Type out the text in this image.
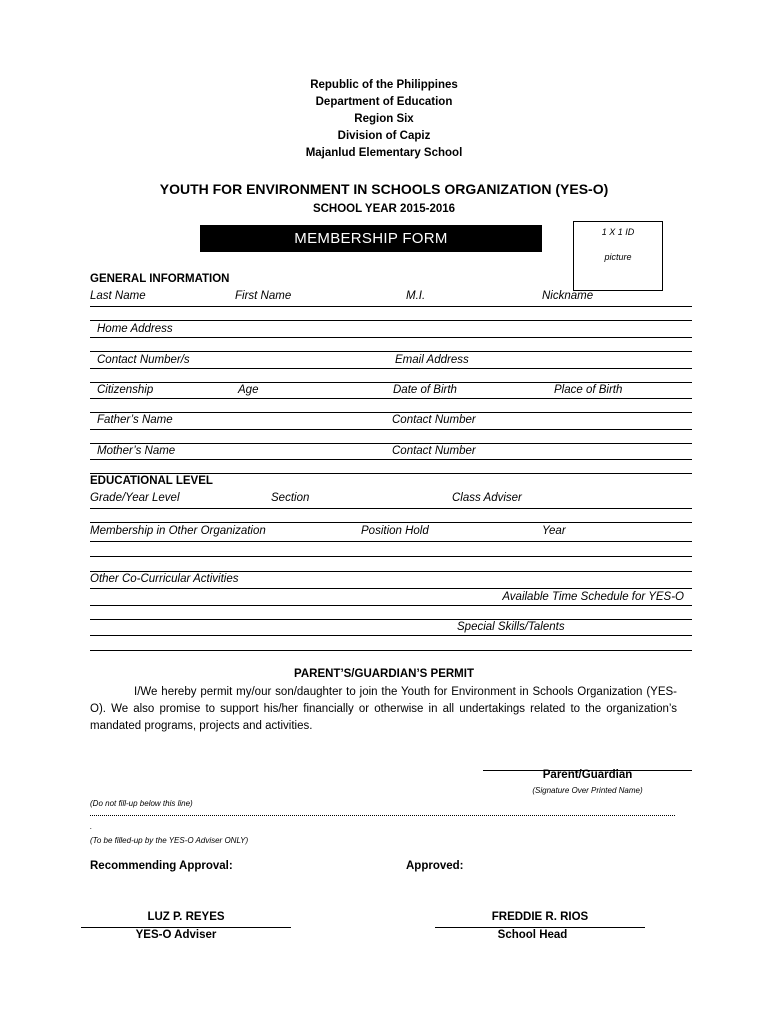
Republic of the Philippines
Department of Education
Region Six
Division of Capiz
Majanlud Elementary School
YOUTH FOR ENVIRONMENT IN SCHOOLS ORGANIZATION (YES-O)
SCHOOL YEAR 2015-2016
MEMBERSHIP FORM	1 X 1 ID
picture
GENERAL INFORMATION
Last Name	First Name	M.I.	Nickname
Home Address
Contact Number/s	Email Address
Citizenship	Age	Date of Birth	Place of Birth
Father’s Name	Contact Number
Mother’s Name	Contact Number
EDUCATIONAL LEVEL
Grade/Year Level	Section	Class Adviser
Membership in Other Organization	Position Hold	Year
Other Co-Curricular Activities
Available Time Schedule for YES-O
Special Skills/Talents
PARENT’S/GUARDIAN’S PERMIT

I/We hereby permit my/our son/daughter to join the Youth for Environment in Schools Organization (YES-O). We also promise to support his/her financially or otherwise in all undertakings related to the organization’s mandated programs, projects and activities.

Parent/Guardian
(Signature Over Printed Name)
(Do not fill-up below this line)
.
(To be filled-up by the YES-O Adviser ONLY)
Recommending Approval:	Approved:
LUZ P. REYES
YES-O Adviser
FREDDIE R. RIOS
School Head
